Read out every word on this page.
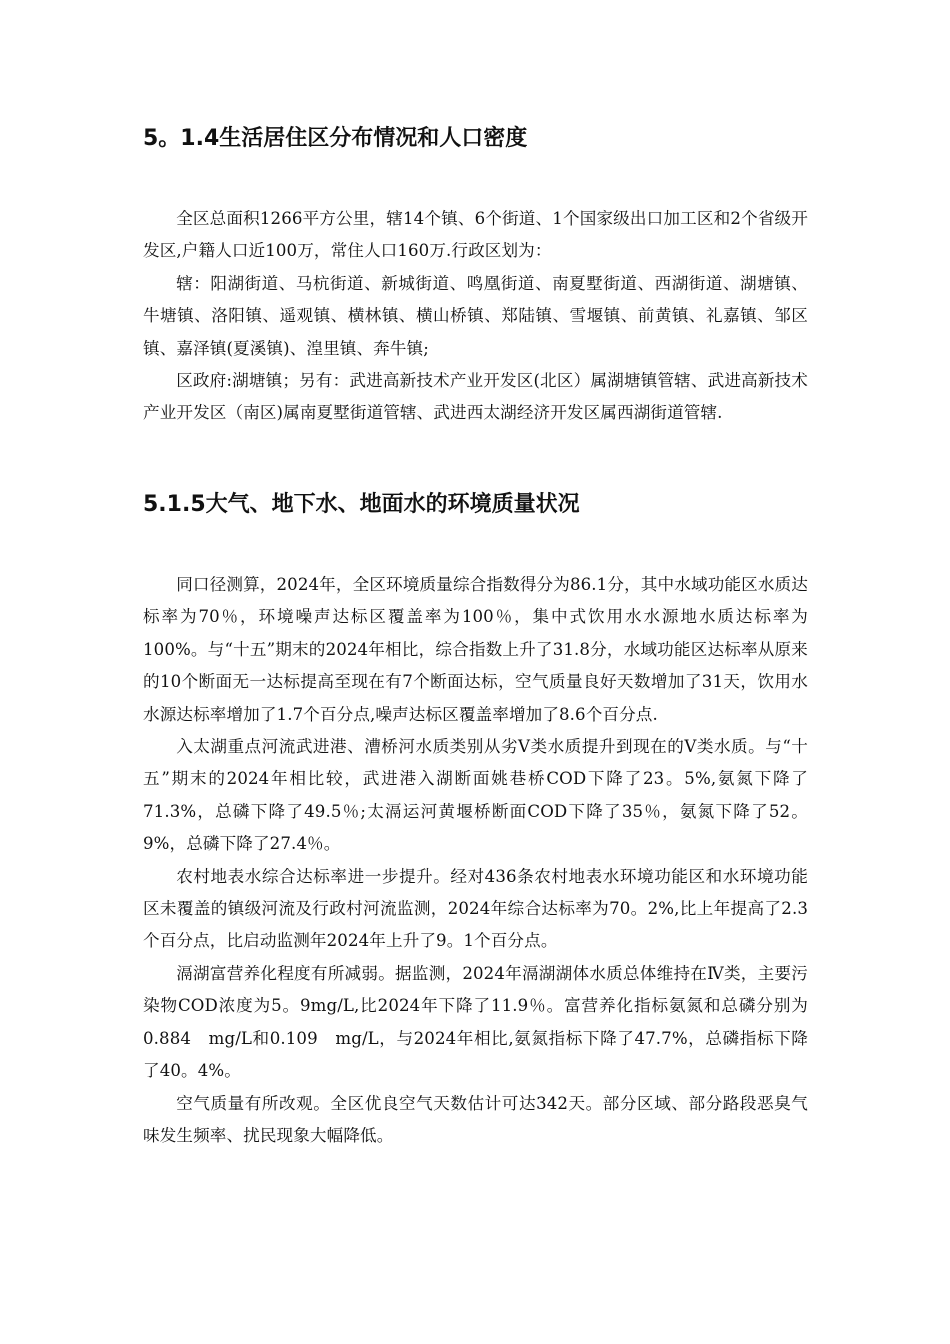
5。1.4生活居住区分布情况和人口密度

全区总面积1266平方公里，辖14个镇、6个街道、1个国家级出口加工区和2个省级开发区,户籍人口近100万，常住人口160万.行政区划为：

辖：阳湖街道、马杭街道、新城街道、鸣凰街道、南夏墅街道、西湖街道、湖塘镇、牛塘镇、洛阳镇、遥观镇、横林镇、横山桥镇、郑陆镇、雪堰镇、前黄镇、礼嘉镇、邹区镇、嘉泽镇(夏溪镇)、湟里镇、奔牛镇;

区政府:湖塘镇；另有：武进高新技术产业开发区(北区）属湖塘镇管辖、武进高新技术产业开发区（南区)属南夏墅街道管辖、武进西太湖经济开发区属西湖街道管辖.

5.1.5大气、地下水、地面水的环境质量状况

同口径测算，2024年，全区环境质量综合指数得分为86.1分，其中水域功能区水质达标率为70％，环境噪声达标区覆盖率为100％，集中式饮用水水源地水质达标率为100%。与“十五”期末的2024年相比，综合指数上升了31.8分，水域功能区达标率从原来的10个断面无一达标提高至现在有7个断面达标，空气质量良好天数增加了31天，饮用水水源达标率增加了1.7个百分点,噪声达标区覆盖率增加了8.6个百分点.

入太湖重点河流武进港、漕桥河水质类别从劣Ⅴ类水质提升到现在的Ⅴ类水质。与“十五”期末的2024年相比较，武进港入湖断面姚巷桥COD下降了23。5%,氨氮下降了71.3%，总磷下降了49.5％;太滆运河黄堰桥断面COD下降了35％，氨氮下降了52。9%，总磷下降了27.4％。

农村地表水综合达标率进一步提升。经对436条农村地表水环境功能区和水环境功能区未覆盖的镇级河流及行政村河流监测，2024年综合达标率为70。2%,比上年提高了2.3个百分点，比启动监测年2024年上升了9。1个百分点。

滆湖富营养化程度有所减弱。据监测，2024年滆湖湖体水质总体维持在Ⅳ类，主要污染物COD浓度为5。9mg/L,比2024年下降了11.9％。富营养化指标氨氮和总磷分别为0.884　mg/L和0.109　mg/L，与2024年相比,氨氮指标下降了47.7%，总磷指标下降了40。4%。

空气质量有所改观。全区优良空气天数估计可达342天。部分区域、部分路段恶臭气味发生频率、扰民现象大幅降低。
